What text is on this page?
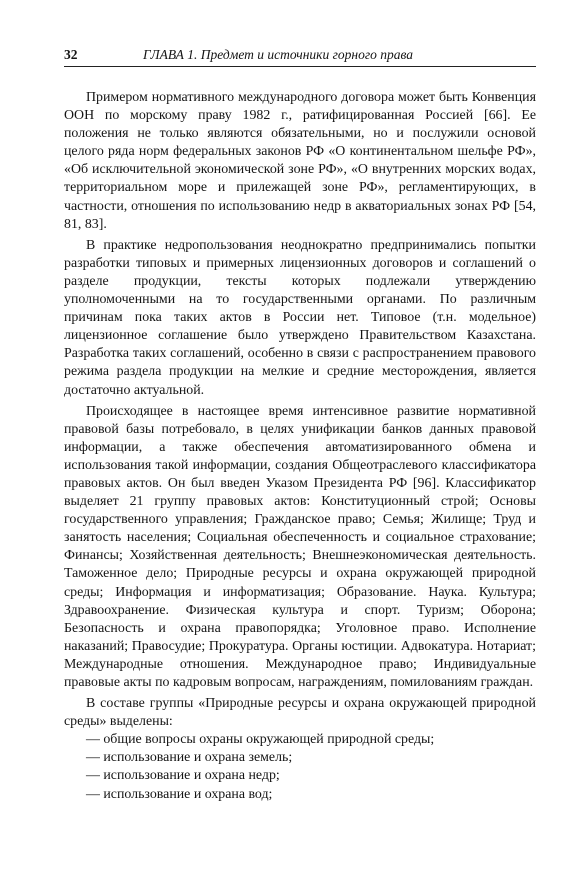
32	ГЛАВА 1. Предмет и источники горного права

Примером нормативного международного договора может быть Конвенция ООН по морскому праву 1982 г., ратифицированная Россией [66]. Ее положения не только являются обязательными, но и послужили основой целого ряда норм федеральных законов РФ «О континентальном шельфе РФ», «Об исключительной экономической зоне РФ», «О внутренних морских водах, территориальном море и прилежащей зоне РФ», регламентирующих, в частности, отношения по использованию недр в акваториальных зонах РФ [54, 81, 83].

В практике недропользования неоднократно предпринимались попытки разработки типовых и примерных лицензионных договоров и соглашений о разделе продукции, тексты которых подлежали утверждению уполномоченными на то государственными органами. По различным причинам пока таких актов в России нет. Типовое (т.н. модельное) лицензионное соглашение было утверждено Правительством Казахстана. Разработка таких соглашений, особенно в связи с распространением правового режима раздела продукции на мелкие и средние месторождения, является достаточно актуальной.

Происходящее в настоящее время интенсивное развитие нормативной правовой базы потребовало, в целях унификации банков данных правовой информации, а также обеспечения автоматизированного обмена и использования такой информации, создания Общеотраслевого классификатора правовых актов. Он был введен Указом Президента РФ [96]. Классификатор выделяет 21 группу правовых актов: Конституционный строй; Основы государственного управления; Гражданское право; Семья; Жилище; Труд и занятость населения; Социальная обеспеченность и социальное страхование; Финансы; Хозяйственная деятельность; Внешнеэкономическая деятельность. Таможенное дело; Природные ресурсы и охрана окружающей природной среды; Информация и информатизация; Образование. Наука. Культура; Здравоохранение. Физическая культура и спорт. Туризм; Оборона; Безопасность и охрана правопорядка; Уголовное право. Исполнение наказаний; Правосудие; Прокуратура. Органы юстиции. Адвокатура. Нотариат; Международные отношения. Международное право; Индивидуальные правовые акты по кадровым вопросам, награждениям, помилованиям граждан.

В составе группы «Природные ресурсы и охрана окружающей природной среды» выделены:

— общие вопросы охраны окружающей природной среды;
— использование и охрана земель;
— использование и охрана недр;
— использование и охрана вод;
